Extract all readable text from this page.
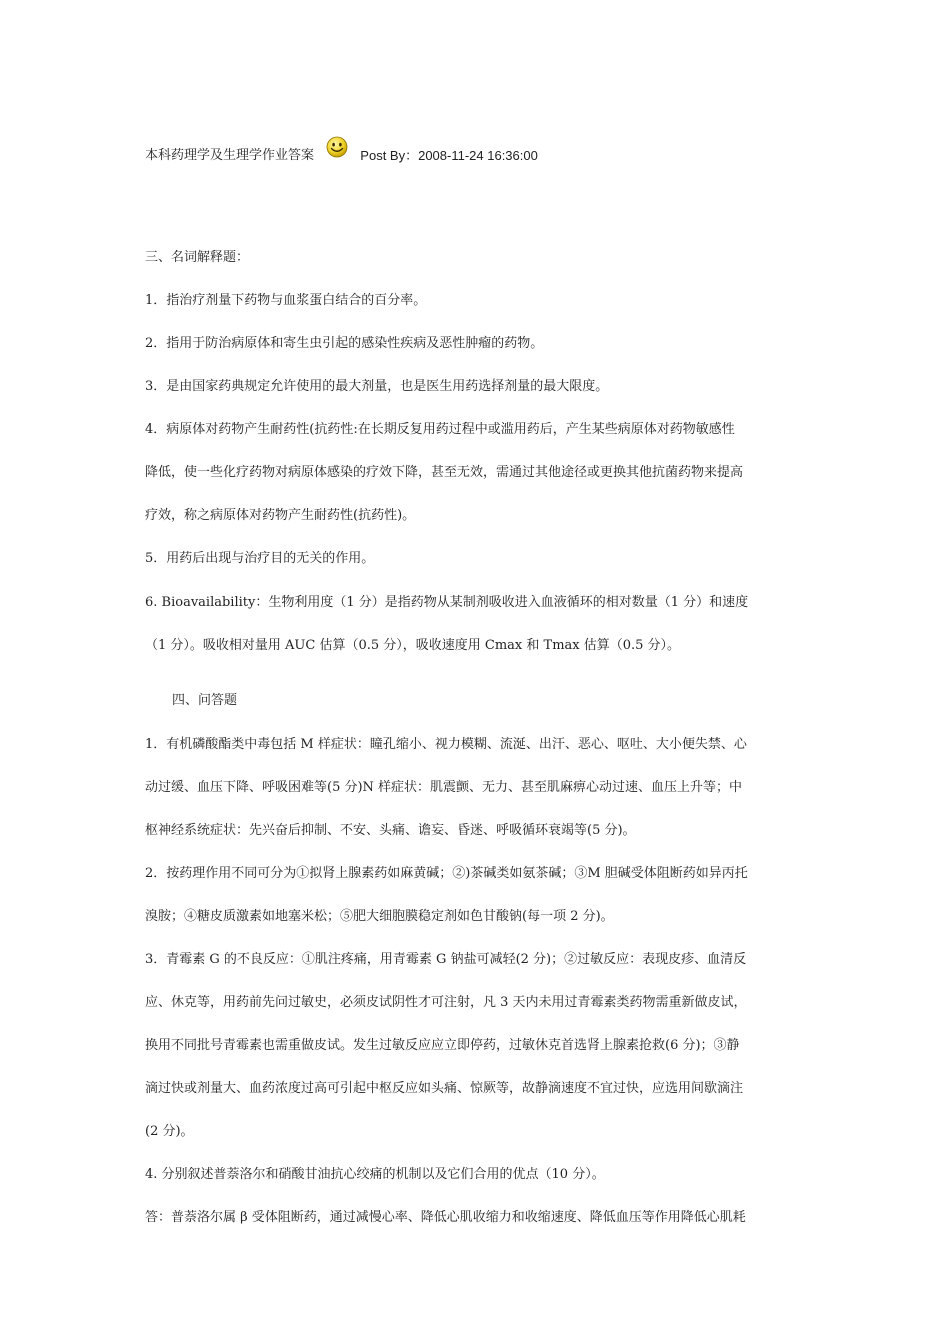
本科药理学及生理学作业答案	Post By：2008-11-24 16:36:00
三、名词解释题：
1．指治疗剂量下药物与血浆蛋白结合的百分率。
2．指用于防治病原体和寄生虫引起的感染性疾病及恶性肿瘤的药物。
3．是由国家药典规定允许使用的最大剂量，也是医生用药选择剂量的最大限度。
4．病原体对药物产生耐药性(抗药性:在长期反复用药过程中或滥用药后，产生某些病原体对药物敏感性
降低，使一些化疗药物对病原体感染的疗效下降，甚至无效，需通过其他途径或更换其他抗菌药物来提高
疗效，称之病原体对药物产生耐药性(抗药性)。
5．用药后出现与治疗目的无关的作用。
6. Bioavailability：生物利用度（1 分）是指药物从某制剂吸收进入血液循环的相对数量（1 分）和速度
（1 分）。吸收相对量用 AUC 估算（0.5 分），吸收速度用 Cmax 和 Tmax 估算（0.5 分）。
四、问答题
1．有机磷酸酯类中毒包括 M 样症状：瞳孔缩小、视力模糊、流涎、出汗、恶心、呕吐、大小便失禁、心
动过缓、血压下降、呼吸困难等(5 分)N 样症状：肌震颤、无力、甚至肌麻痹心动过速、血压上升等；中
枢神经系统症状：先兴奋后抑制、不安、头痛、谵妄、昏迷、呼吸循环衰竭等(5 分)。
2．按药理作用不同可分为①拟肾上腺素药如麻黄碱；②)茶碱类如氨茶碱；③M 胆碱受体阻断药如异丙托
溴胺；④糖皮质激素如地塞米松；⑤肥大细胞膜稳定剂如色甘酸钠(每一项 2 分)。
3．青霉素 G 的不良反应：①肌注疼痛，用青霉素 G 钠盐可减轻(2 分)；②过敏反应：表现皮疹、血清反
应、休克等，用药前先问过敏史，必须皮试阴性才可注射，凡 3 天内未用过青霉素类药物需重新做皮试，
换用不同批号青霉素也需重做皮试。发生过敏反应应立即停药，过敏休克首选肾上腺素抢救(6 分)；③静
滴过快或剂量大、血药浓度过高可引起中枢反应如头痛、惊厥等，故静滴速度不宜过快，应选用间歇滴注
(2 分)。
4. 分别叙述普萘洛尔和硝酸甘油抗心绞痛的机制以及它们合用的优点（10 分）。
答：普萘洛尔属 β 受体阻断药，通过减慢心率、降低心肌收缩力和收缩速度、降低血压等作用降低心肌耗
